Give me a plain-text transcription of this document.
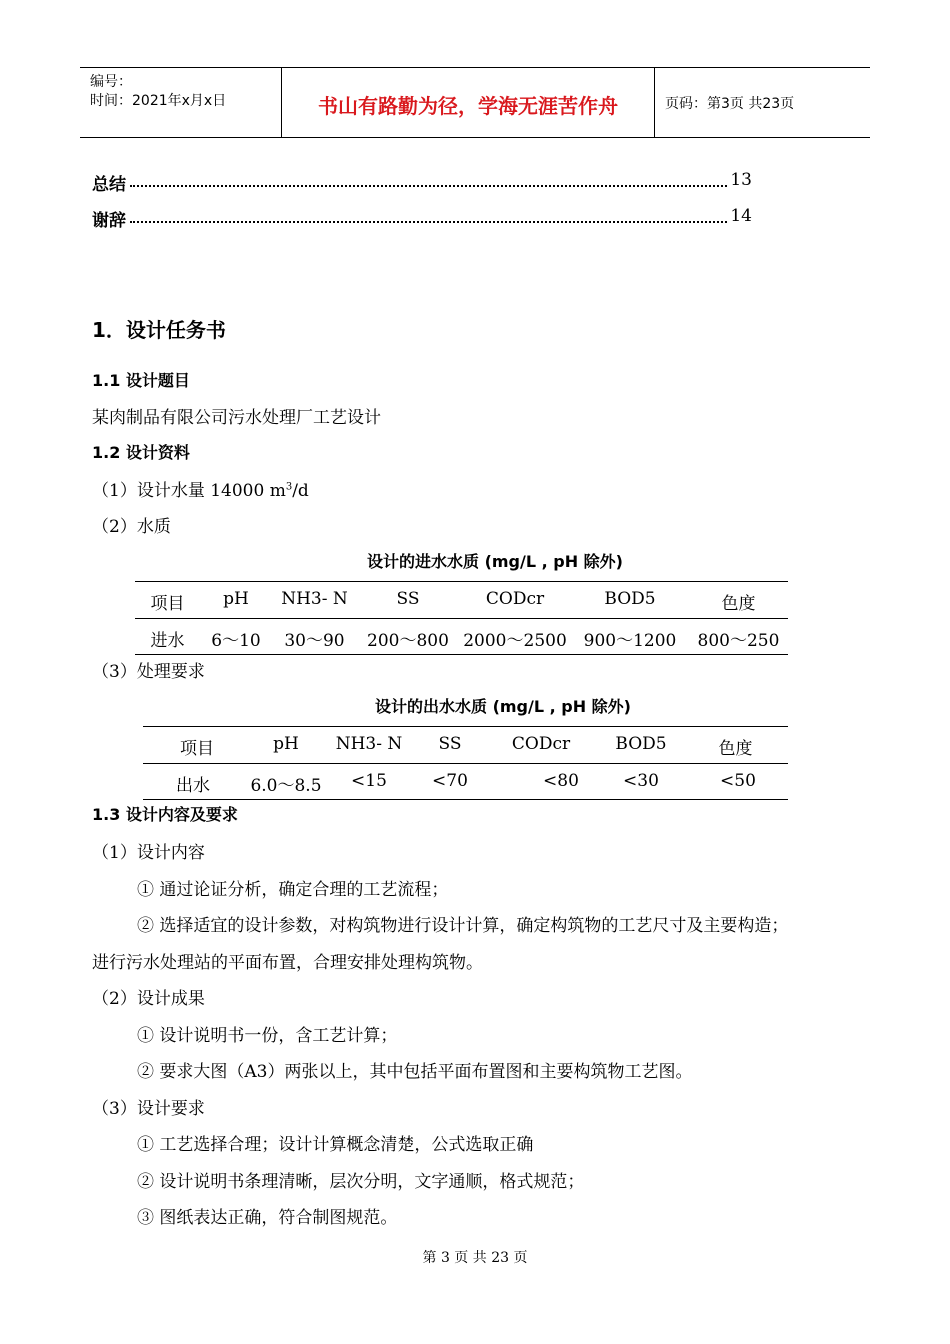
编号：
时间：2021年x月x日	书山有路勤为径，学海无涯苦作舟	页码：第3页 共23页
总结	13
谢辞	14
1．设计任务书
1.1 设计题目
某肉制品有限公司污水处理厂工艺设计
1.2 设计资料
（1）设计水量 14000 $m^3/d$
（2）水质
设计的进水水质 (mg/L , pH 除外)
项目	pH	NH3- N	SS	CODcr	BOD5	色度
进水	6～10	30～90	200～800 2000～2500 900～1200	800～250
（3）处理要求
设计的出水水质 (mg/L , pH 除外)
项目	pH	NH3- N	SS	CODcr	BOD5	色度
出水	6.0～8.5	<15	<70	<80	<30	<50
1.3 设计内容及要求
（1）设计内容
① 通过论证分析，确定合理的工艺流程；
② 选择适宜的设计参数，对构筑物进行设计计算，确定构筑物的工艺尺寸及主要构造；
进行污水处理站的平面布置，合理安排处理构筑物。
（2）设计成果
① 设计说明书一份，含工艺计算；
② 要求大图（A3）两张以上，其中包括平面布置图和主要构筑物工艺图。
（3）设计要求
① 工艺选择合理；设计计算概念清楚，公式选取正确
② 设计说明书条理清晰，层次分明，文字通顺，格式规范；
③ 图纸表达正确，符合制图规范。
第 3 页 共 23 页
